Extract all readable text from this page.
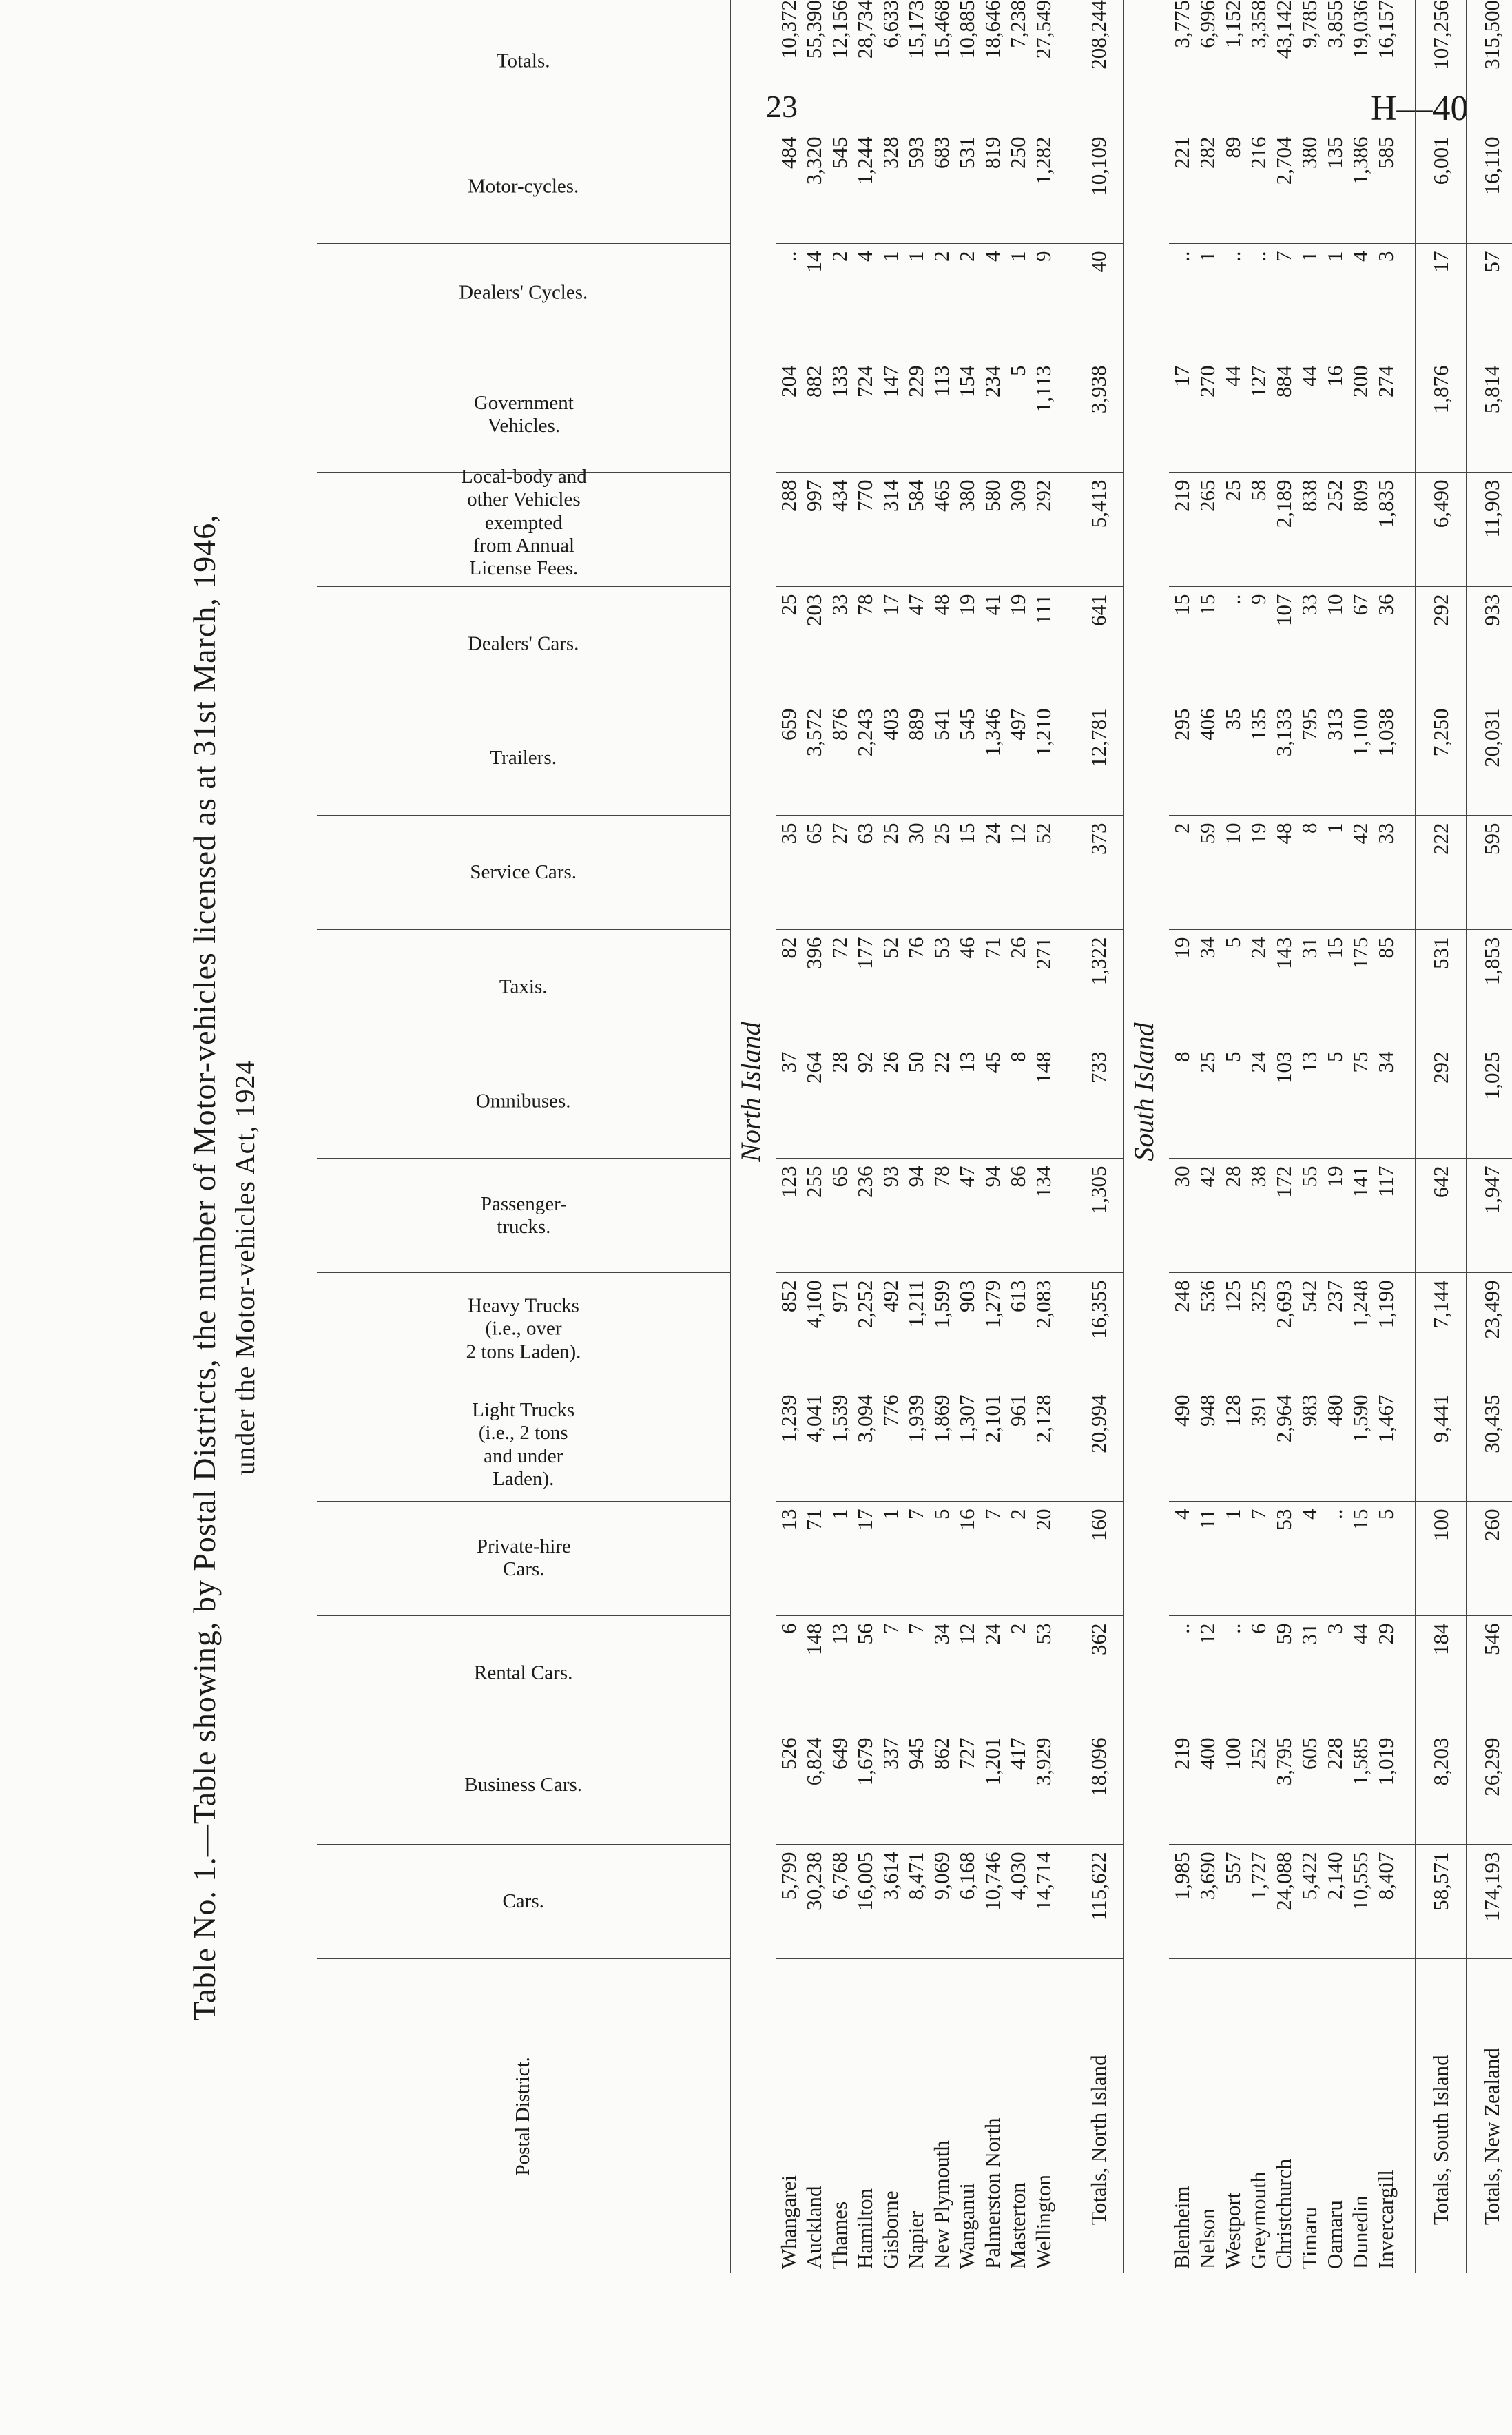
23	H—40
Table No. 1.—Table showing, by Postal Districts, the number of Motor-vehicles licensed as at 31st March, 1946, under the Motor-vehicles Act, 1924
Postal District.	Cars.	Business Cars.	Rental Cars.	Private-hire
Cars.	Light Trucks
(i.e., 2 tons
and under
Laden).	Heavy Trucks
(i.e., over
2 tons Laden).	Passenger-
trucks.	Omnibuses.	Taxis.	Service Cars.	Trailers.	Dealers' Cars.	Local-body and
other Vehicles
exempted
from Annual
License Fees.	Government
Vehicles.	Dealers' Cycles.	Motor-cycles.	Totals.
North Island																	
Whangarei	5,799	526	6	13	1,239	852	123	37	82	35	659	25	288	204	..	484	10,372
Auckland	30,238	6,824	148	71	4,041	4,100	255	264	396	65	3,572	203	997	882	14	3,320	55,390
Thames	6,768	649	13	1	1,539	971	65	28	72	27	876	33	434	133	2	545	12,156
Hamilton	16,005	1,679	56	17	3,094	2,252	236	92	177	63	2,243	78	770	724	4	1,244	28,734
Gisborne	3,614	337	7	1	776	492	93	26	52	25	403	17	314	147	1	328	6,633
Napier	8,471	945	7	7	1,939	1,211	94	50	76	30	889	47	584	229	1	593	15,173
New Plymouth	9,069	862	34	5	1,869	1,599	78	22	53	25	541	48	465	113	2	683	15,468
Wanganui	6,168	727	12	16	1,307	903	47	13	46	15	545	19	380	154	2	531	10,885
Palmerston North	10,746	1,201	24	7	2,101	1,279	94	45	71	24	1,346	41	580	234	4	819	18,646
Masterton	4,030	417	2	2	961	613	86	8	26	12	497	19	309	5	1	250	7,238
Wellington	14,714	3,929	53	20	2,128	2,083	134	148	271	52	1,210	111	292	1,113	9	1,282	27,549

Totals, North Island	115,622	18,096	362	160	20,994	16,355	1,305	733	1,322	373	12,781	641	5,413	3,938	40	10,109	208,244
South Island																	
Blenheim	1,985	219	..	4	490	248	30	8	19	2	295	15	219	17	..	221	3,775
Nelson	3,690	400	12	11	948	536	42	25	34	59	406	15	265	270	1	282	6,996
Westport	557	100	..	1	128	125	28	5	5	10	35	..	25	44	..	89	1,152
Greymouth	1,727	252	6	7	391	325	38	24	24	19	135	9	58	127	..	216	3,358
Christchurch	24,088	3,795	59	53	2,964	2,693	172	103	143	48	3,133	107	2,189	884	7	2,704	43,142
Timaru	5,422	605	31	4	983	542	55	13	31	8	795	33	838	44	1	380	9,785
Oamaru	2,140	228	3	..	480	237	19	5	15	1	313	10	252	16	1	135	3,855
Dunedin	10,555	1,585	44	15	1,590	1,248	141	75	175	42	1,100	67	809	200	4	1,386	19,036
Invercargill	8,407	1,019	29	5	1,467	1,190	117	34	85	33	1,038	36	1,835	274	3	585	16,157

Totals, South Island	58,571	8,203	184	100	9,441	7,144	642	292	531	222	7,250	292	6,490	1,876	17	6,001	107,256
Totals, New Zealand	174,193	26,299	546	260	30,435	23,499	1,947	1,025	1,853	595	20,031	933	11,903	5,814	57	16,110	315,500
